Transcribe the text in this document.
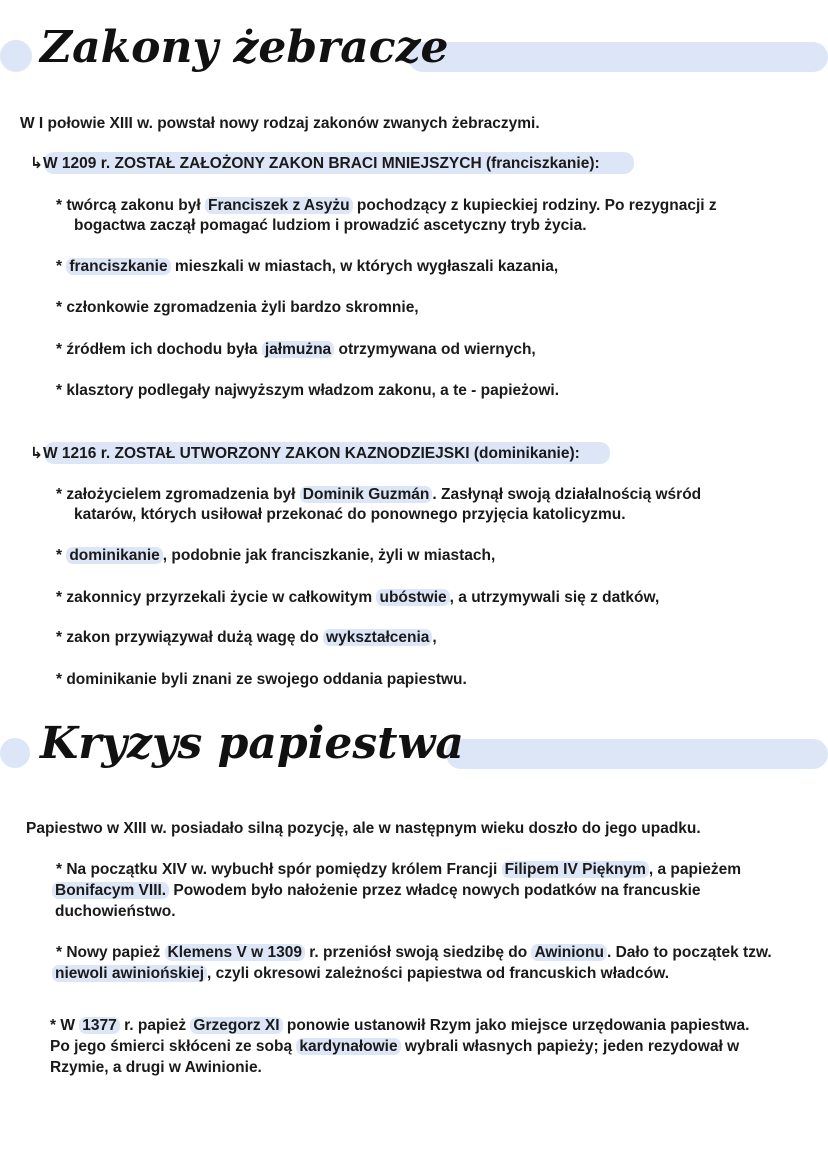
Zakony żebracze
W I połowie XIII w. powstał nowy rodzaj zakonów zwanych żebraczymi.
↳W 1209 r. ZOSTAŁ ZAŁOŻONY ZAKON BRACI MNIEJSZYCH (franciszkanie):
* twórcą zakonu był Franciszek z Asyżu pochodzący z kupieckiej rodziny. Po rezygnacji z
bogactwa zaczął pomagać ludziom i prowadzić ascetyczny tryb życia.
* franciszkanie mieszkali w miastach, w których wygłaszali kazania,
* członkowie zgromadzenia żyli bardzo skromnie,
* źródłem ich dochodu była jałmużna otrzymywana od wiernych,
* klasztory podlegały najwyższym władzom zakonu, a te - papieżowi.
↳W 1216 r. ZOSTAŁ UTWORZONY ZAKON KAZNODZIEJSKI (dominikanie):
* założycielem zgromadzenia był Dominik Guzmán . Zasłynął swoją działalnością wśród
katarów, których usiłował przekonać do ponownego przyjęcia katolicyzmu.
* dominikanie , podobnie jak franciszkanie, żyli w miastach,
* zakonnicy przyrzekali życie w całkowitym ubóstwie , a utrzymywali się z datków,
* zakon przywiązywał dużą wagę do wykształcenia ,
* dominikanie byli znani ze swojego oddania papiestwu.
Kryzys papiestwa
Papiestwo w XIII w. posiadało silną pozycję, ale w następnym wieku doszło do jego upadku.
* Na początku XIV w. wybuchł spór pomiędzy królem Francji Filipem IV Pięknym , a papieżem
Bonifacym VIII. Powodem było nałożenie przez władcę nowych podatków na francuskie
duchowieństwo.
* Nowy papież Klemens V w 1309 r. przeniósł swoją siedzibę do Awinionu . Dało to początek tzw.
niewoli awiniońskiej , czyli okresowi zależności papiestwa od francuskich władców.
* W 1377 r. papież Grzegorz XI ponowie ustanowił Rzym jako miejsce urzędowania papiestwa.
Po jego śmierci skłóceni ze sobą kardynałowie wybrali własnych papieży; jeden rezydował w
Rzymie, a drugi w Awinionie.
